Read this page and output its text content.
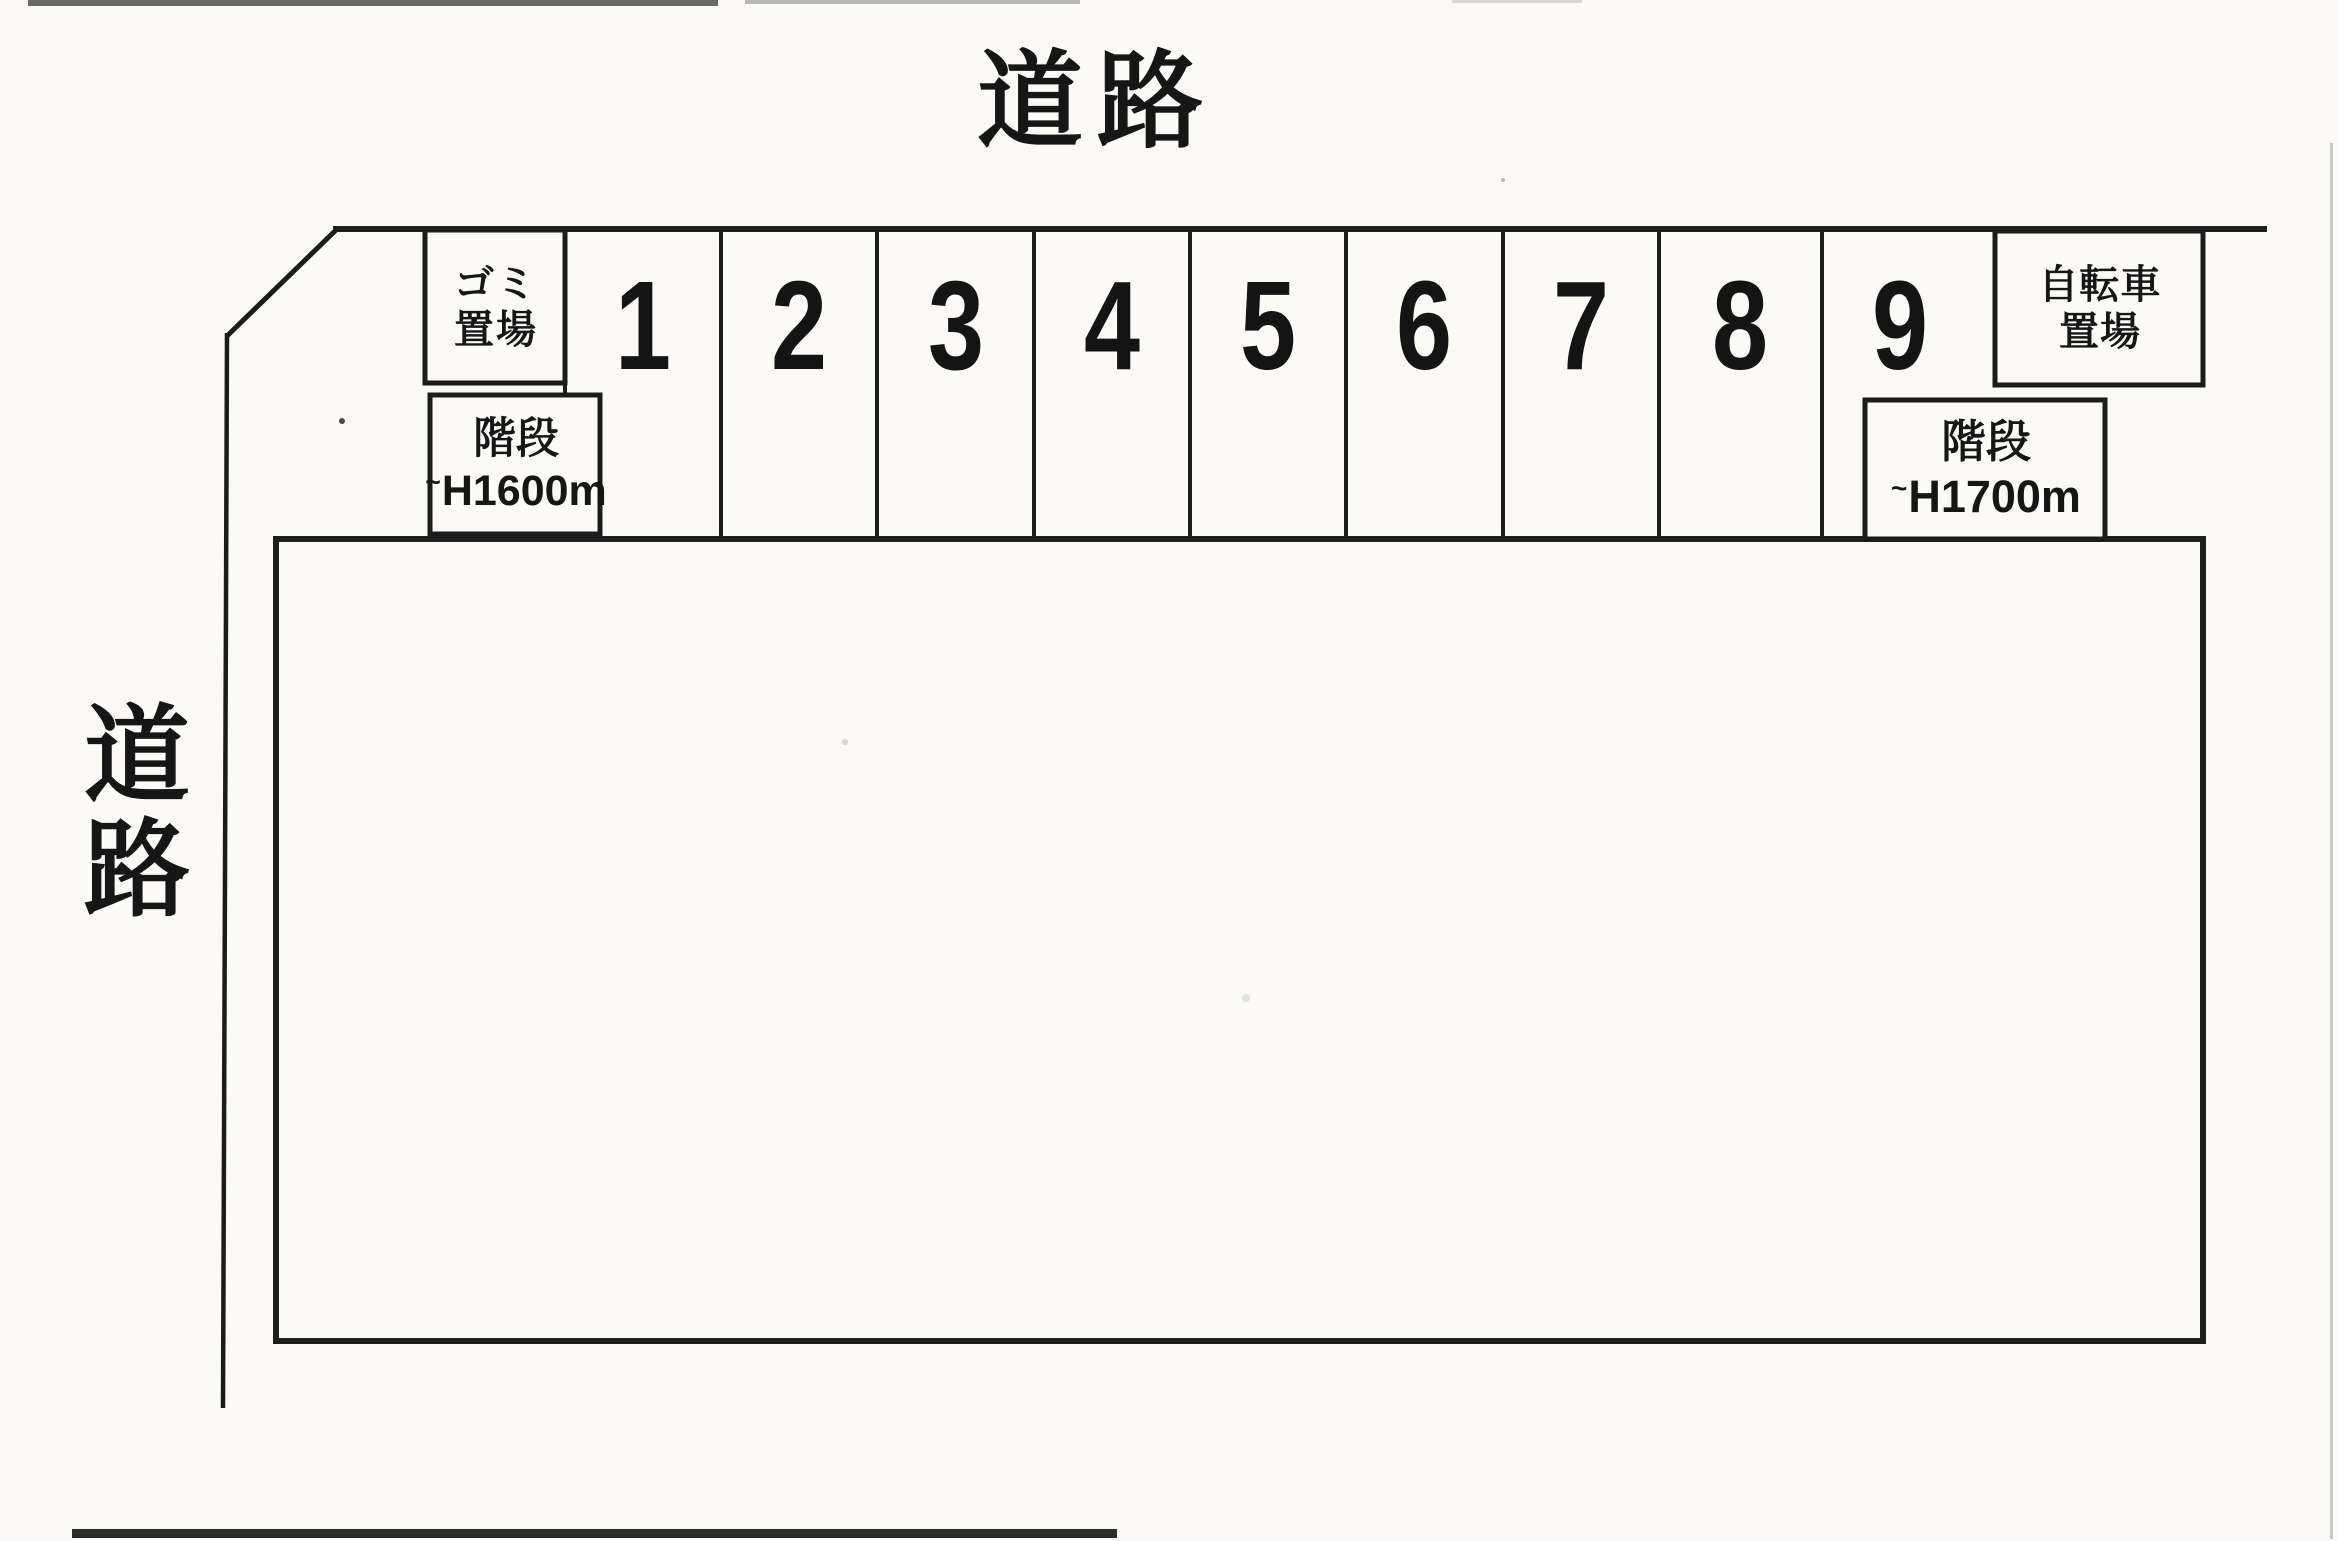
道路
道路
1 2 3 4 5 6 7 8 9
ゴミ
置場
自転車
置場
階段
~H1600m
階段
~H1700m
